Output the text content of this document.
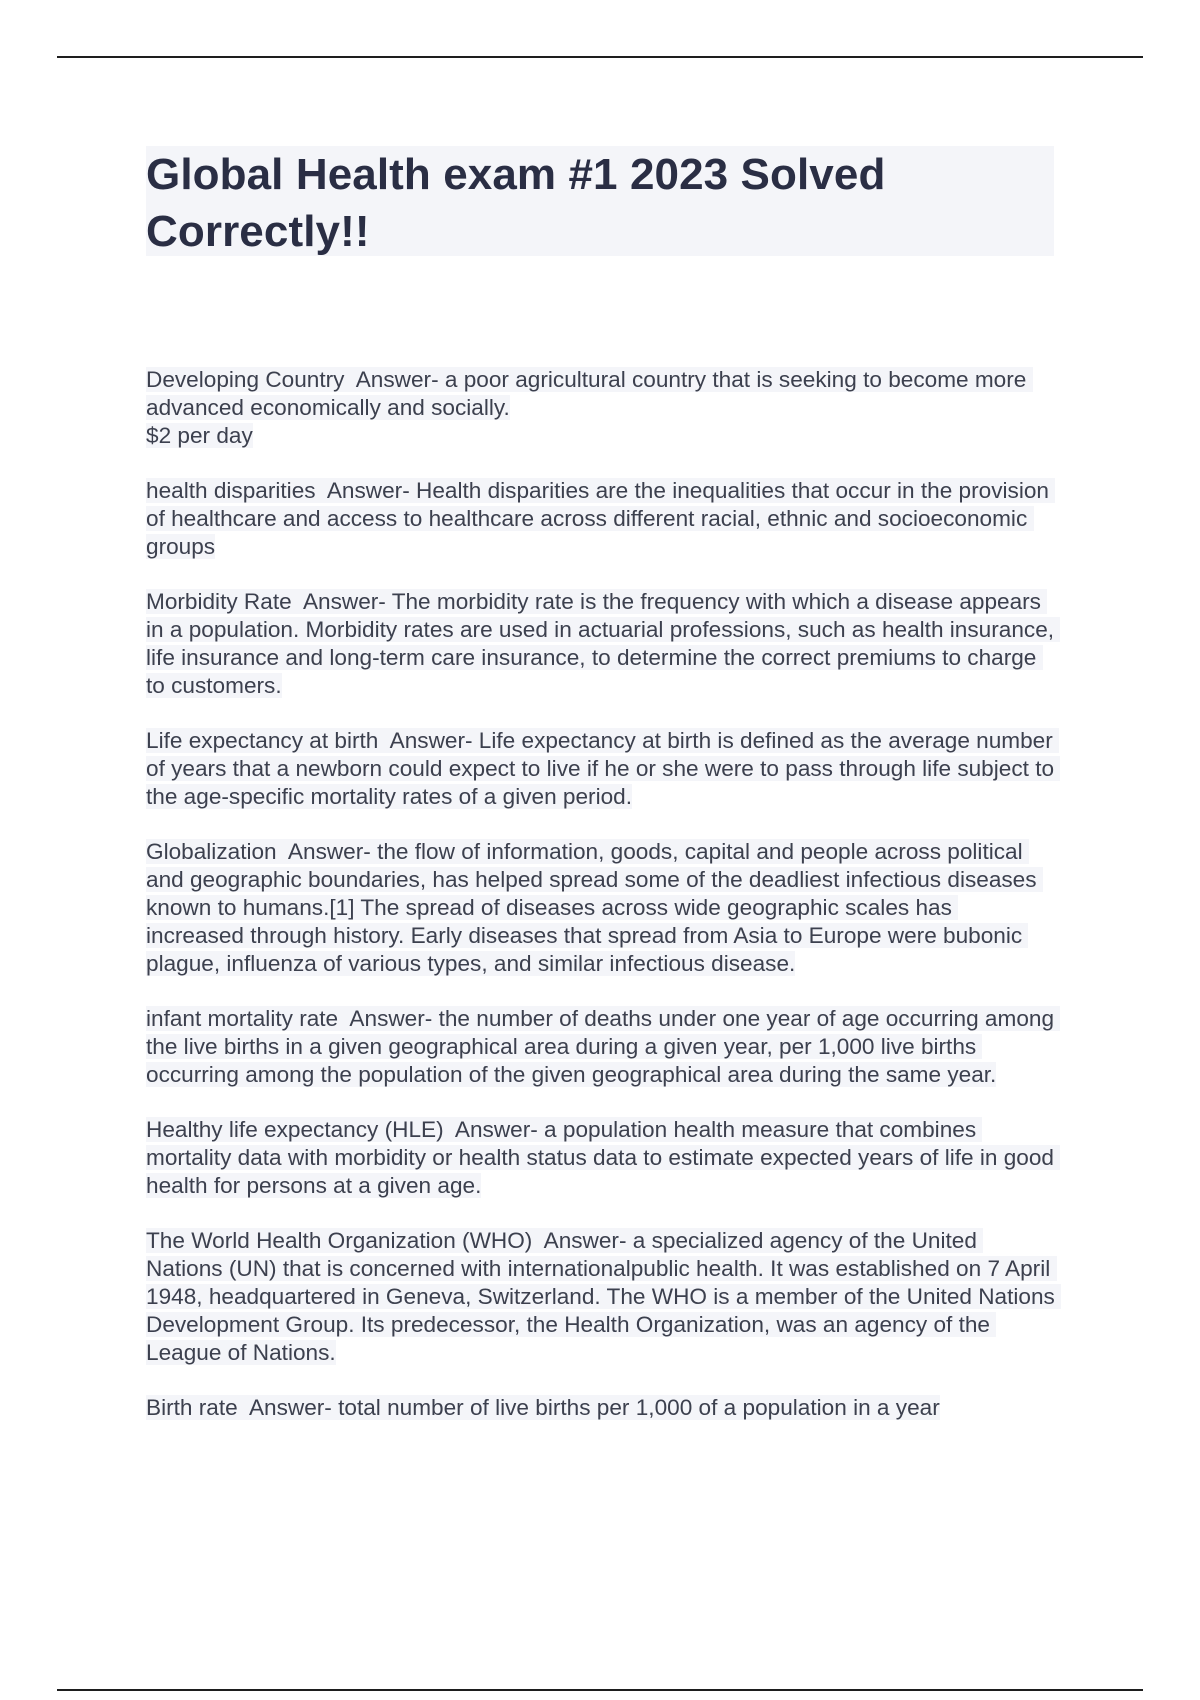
Global Health exam #1 2023 Solved Correctly!!

Developing Country  Answer- a poor agricultural country that is seeking to become more advanced economically and socially.
$2 per day

health disparities  Answer- Health disparities are the inequalities that occur in the provision of healthcare and access to healthcare across different racial, ethnic and socioeconomic groups

Morbidity Rate  Answer- The morbidity rate is the frequency with which a disease appears in a population. Morbidity rates are used in actuarial professions, such as health insurance, life insurance and long-term care insurance, to determine the correct premiums to charge to customers.

Life expectancy at birth  Answer- Life expectancy at birth is defined as the average number of years that a newborn could expect to live if he or she were to pass through life subject to the age-specific mortality rates of a given period.

Globalization  Answer- the flow of information, goods, capital and people across political and geographic boundaries, has helped spread some of the deadliest infectious diseases known to humans.[1] The spread of diseases across wide geographic scales has increased through history. Early diseases that spread from Asia to Europe were bubonic plague, influenza of various types, and similar infectious disease.

infant mortality rate  Answer- the number of deaths under one year of age occurring among the live births in a given geographical area during a given year, per 1,000 live births occurring among the population of the given geographical area during the same year.

Healthy life expectancy (HLE)  Answer- a population health measure that combines mortality data with morbidity or health status data to estimate expected years of life in good health for persons at a given age.

The World Health Organization (WHO)  Answer- a specialized agency of the United Nations (UN) that is concerned with internationalpublic health. It was established on 7 April 1948, headquartered in Geneva, Switzerland. The WHO is a member of the United Nations Development Group. Its predecessor, the Health Organization, was an agency of the League of Nations.

Birth rate  Answer- total number of live births per 1,000 of a population in a year
